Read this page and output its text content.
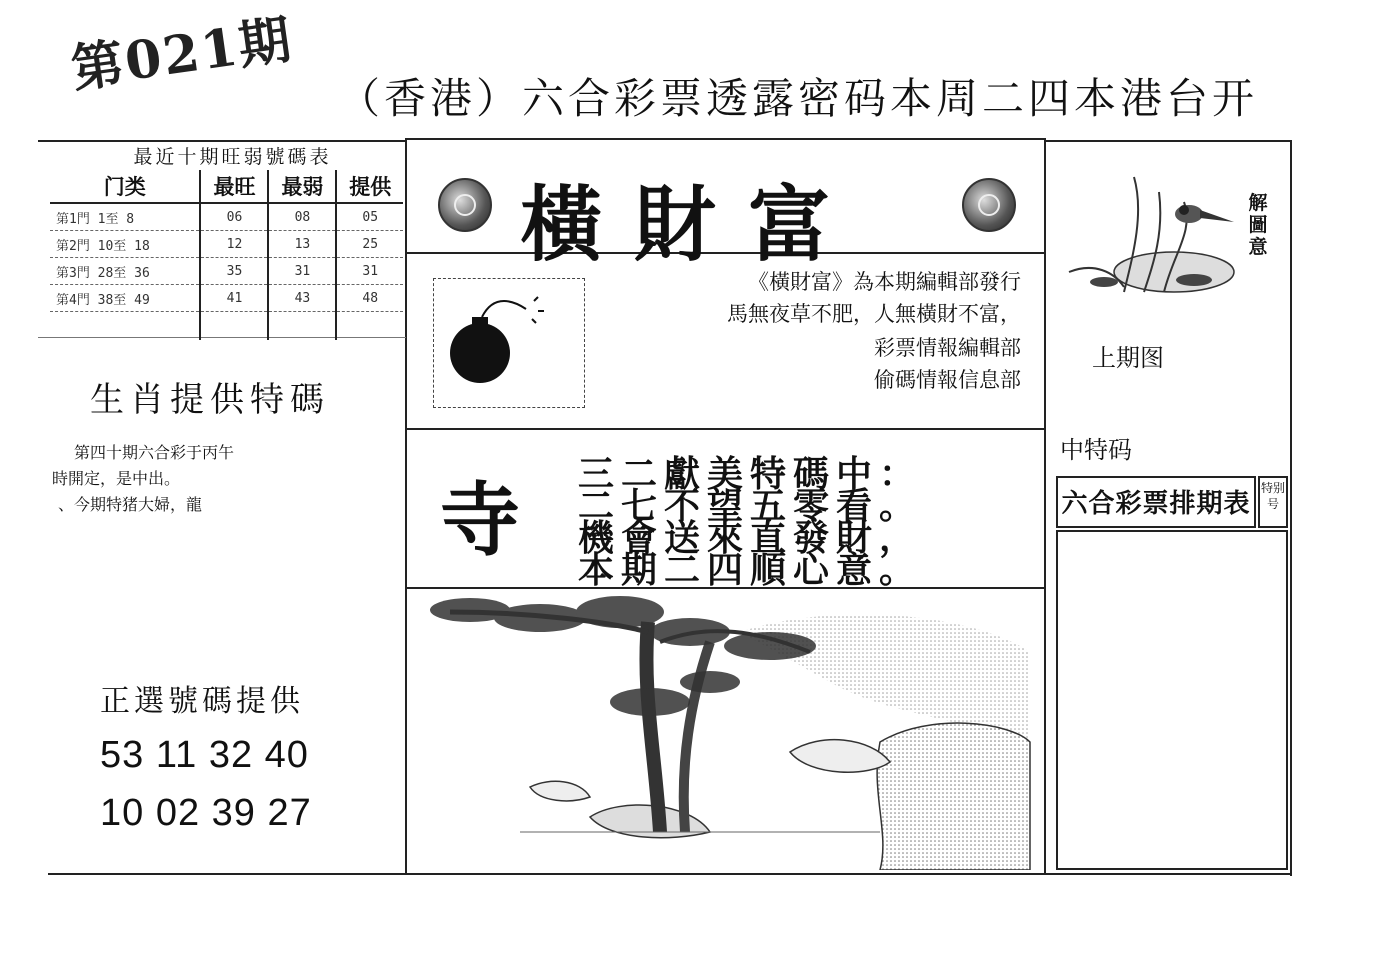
第021期 （香港）六合彩票透露密码本周二四本港台开
最近十期旺弱號碼表
门类	最旺	最弱	提供
第1門 1至 8	06	08	05
第2門 10至 18	12	13	25
第3門 28至 36	35	31	31
第4門 38至 49	41	43	48

生肖提供特碼
第四十期六合彩于丙午
時開定，是中出。
、今期特猪大婦，龍
正選號碼提供
53 11 32 40
10 02 39 27
橫財富
《橫財富》為本期編輯部發行
馬無夜草不肥，人無橫財不富，
彩票情報編輯部
偷碼情報信息部
寺 三二獻美特碼中：
二七不望五零看。
機會送來直發財，
本期二四順心意。
解
圖
意
上期图
中特码
六合彩票排期表
特别号
